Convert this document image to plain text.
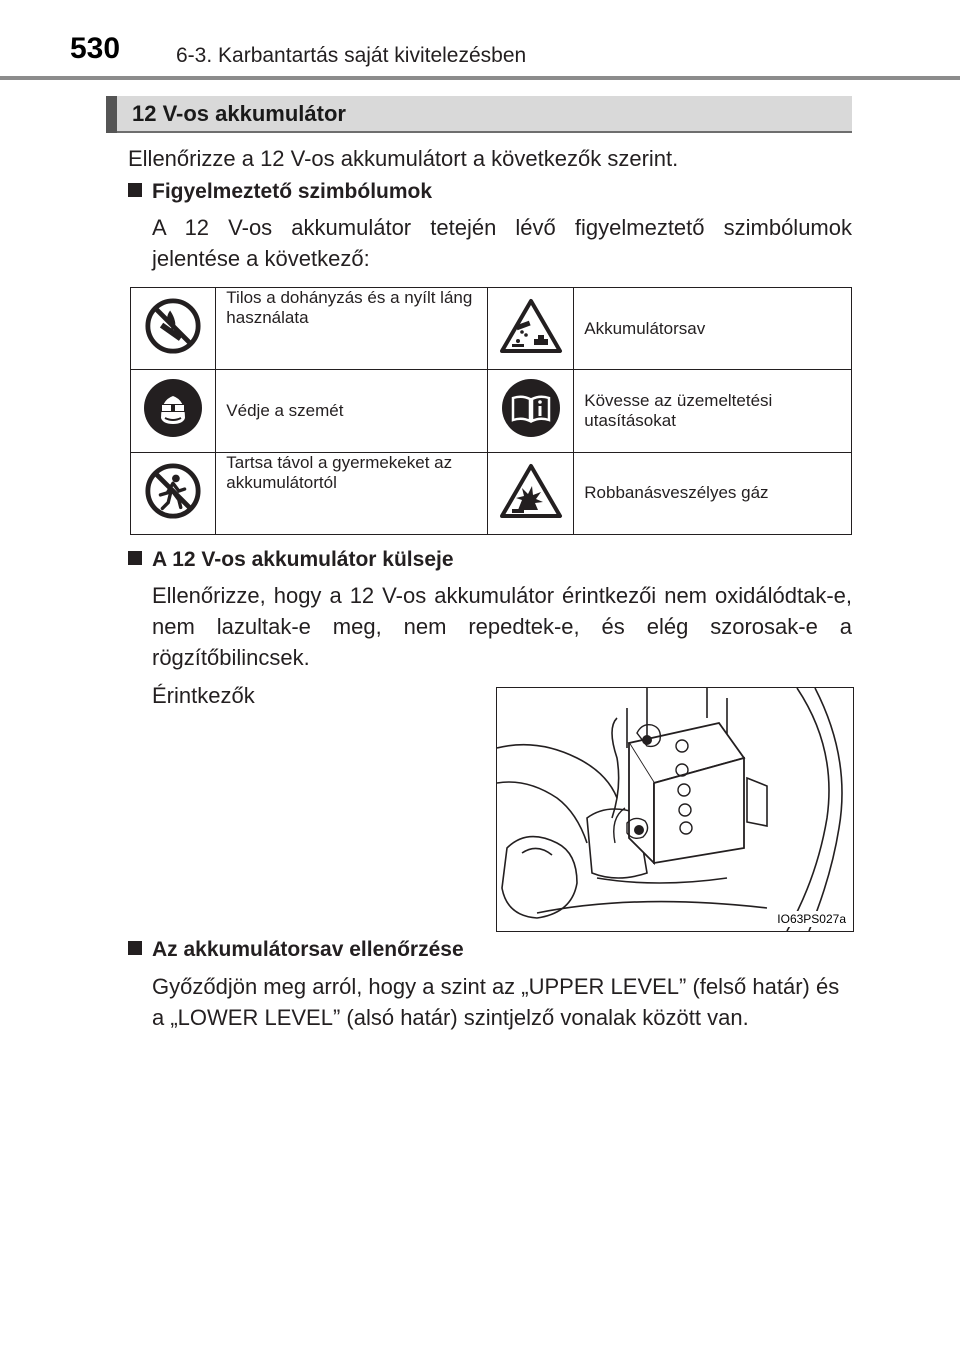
530	6-3. Karbantartás saját kivitelezésben
12 V-os akkumulátor
Ellenőrizze a 12 V-os akkumulátort a következők szerint.
Figyelmeztető szimbólumok
A 12 V-os akkumulátor tetején lévő figyelmeztető szimbólumok jelentése a következő:
	Tilos a dohányzás és a nyílt láng használata		Akkumulátorsav
	Védje a szemét		Kövesse az üzemeltetési utasításokat
	Tartsa távol a gyermekeket az akkumulátortól		Robbanásveszélyes gáz
A 12 V-os akkumulátor külseje
Ellenőrizze, hogy a 12 V-os akkumulátor érintkezői nem oxidálódtak-e, nem lazultak-e meg, nem repedtek-e, és elég szorosak-e a rögzítőbilincsek.
Érintkezők
IO63PS027a
Az akkumulátorsav ellenőrzése
Győződjön meg arról, hogy a szint az „UPPER LEVEL” (felső határ) és a „LOWER LEVEL” (alsó határ) szintjelző vonalak között van.
